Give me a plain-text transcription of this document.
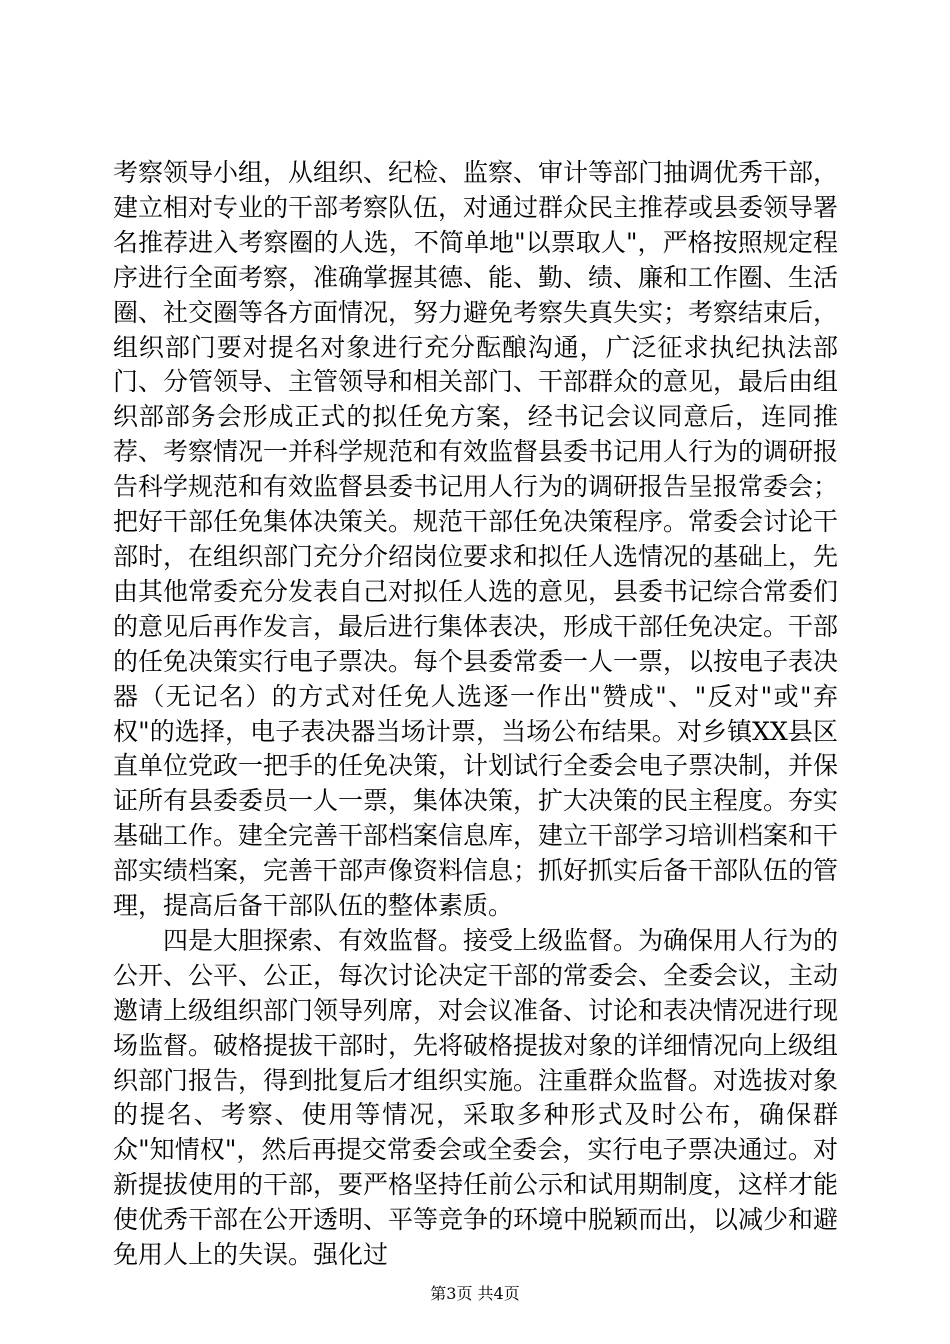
考察领导小组，从组织、纪检、监察、审计等部门抽调优秀干部，建立相对专业的干部考察队伍，对通过群众民主推荐或县委领导署名推荐进入考察圈的人选，不简单地"以票取人"，严格按照规定程序进行全面考察，准确掌握其德、能、勤、绩、廉和工作圈、生活圈、社交圈等各方面情况，努力避免考察失真失实；考察结束后，组织部门要对提名对象进行充分酝酿沟通，广泛征求执纪执法部门、分管领导、主管领导和相关部门、干部群众的意见，最后由组织部部务会形成正式的拟任免方案，经书记会议同意后，连同推荐、考察情况一并科学规范和有效监督县委书记用人行为的调研报告科学规范和有效监督县委书记用人行为的调研报告呈报常委会；把好干部任免集体决策关。规范干部任免决策程序。常委会讨论干部时，在组织部门充分介绍岗位要求和拟任人选情况的基础上，先由其他常委充分发表自己对拟任人选的意见，县委书记综合常委们的意见后再作发言，最后进行集体表决，形成干部任免决定。干部的任免决策实行电子票决。每个县委常委一人一票，以按电子表决器（无记名）的方式对任免人选逐一作出"赞成"、"反对"或"弃权"的选择，电子表决器当场计票，当场公布结果。对乡镇XX县区直单位党政一把手的任免决策，计划试行全委会电子票决制，并保证所有县委委员一人一票，集体决策，扩大决策的民主程度。夯实基础工作。建全完善干部档案信息库，建立干部学习培训档案和干部实绩档案，完善干部声像资料信息；抓好抓实后备干部队伍的管理，提高后备干部队伍的整体素质。

四是大胆探索、有效监督。接受上级监督。为确保用人行为的公开、公平、公正，每次讨论决定干部的常委会、全委会议，主动邀请上级组织部门领导列席，对会议准备、讨论和表决情况进行现场监督。破格提拔干部时，先将破格提拔对象的详细情况向上级组织部门报告，得到批复后才组织实施。注重群众监督。对选拔对象的提名、考察、使用等情况，采取多种形式及时公布，确保群众"知情权"，然后再提交常委会或全委会，实行电子票决通过。对新提拔使用的干部，要严格坚持任前公示和试用期制度，这样才能使优秀干部在公开透明、平等竞争的环境中脱颖而出，以减少和避免用人上的失误。强化过

第3页 共4页
